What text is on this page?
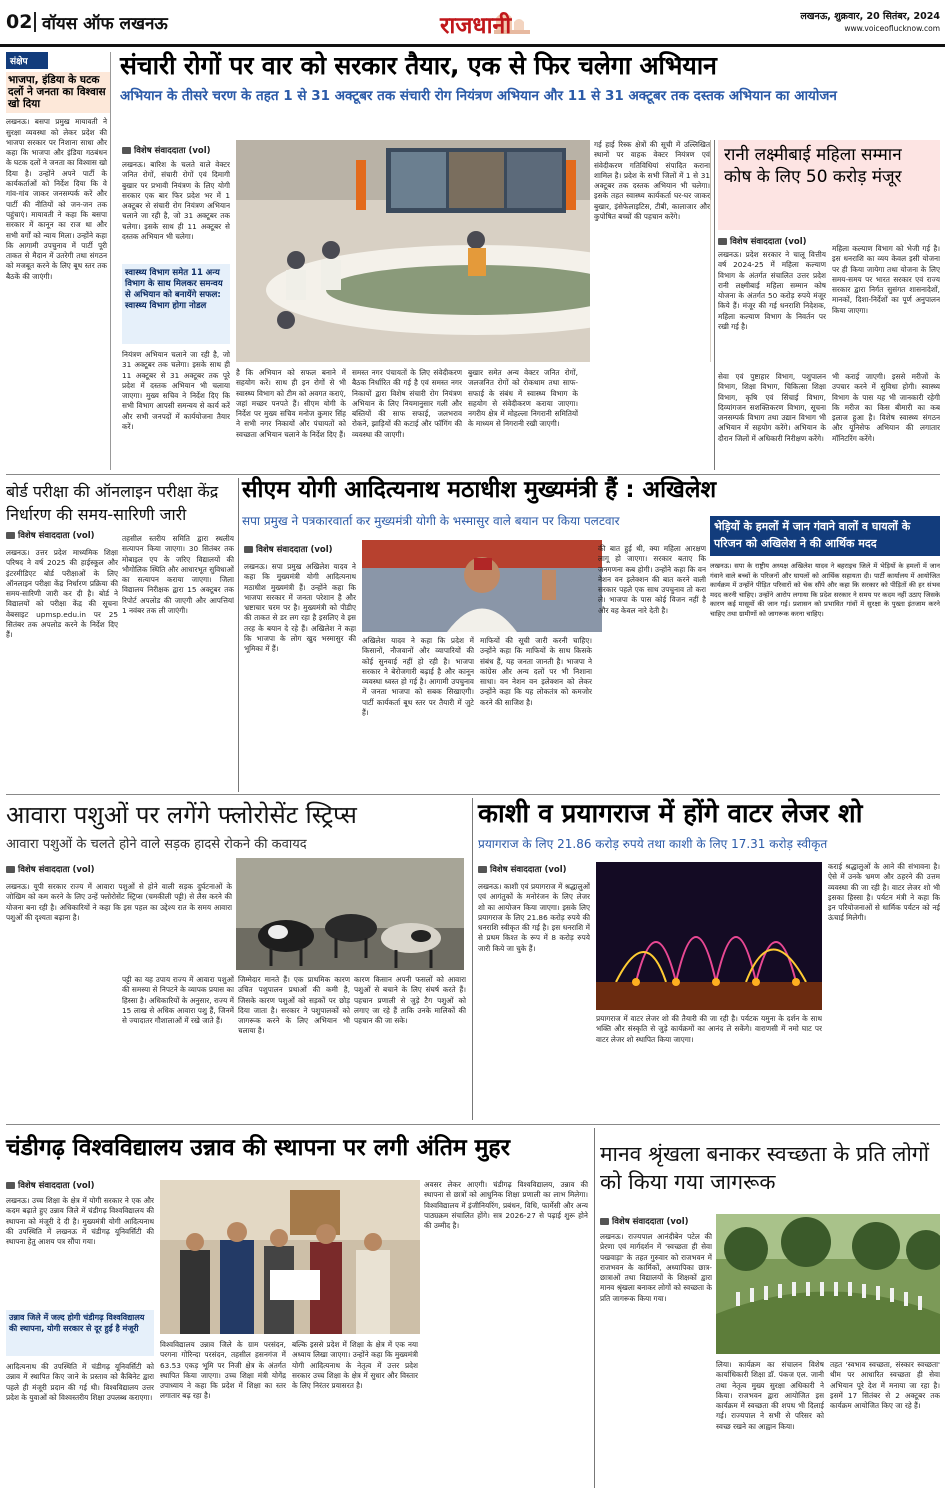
02 वॉयस ऑफ लखनऊ	राजधानी	लखनऊ, शुक्रवार, 20 सितंबर, 2024
www.voiceoflucknow.com
संक्षेप
भाजपा, इंडिया के घटक दलों ने जनता का विश्वास खो दिया
लखनऊ। बसपा प्रमुख मायावती ने सुरक्षा व्यवस्था को लेकर प्रदेश की भाजपा सरकार पर निशाना साधा और कहा कि भाजपा और इंडिया गठबंधन के घटक दलों ने जनता का विश्वास खो दिया है। उन्होंने अपने पार्टी के कार्यकर्ताओं को निर्देश दिया कि वे गांव-गांव जाकर जनसम्पर्क करें और पार्टी की नीतियों को जन-जन तक पहुंचाएं। मायावती ने कहा कि बसपा सरकार में कानून का राज था और सभी वर्गों को न्याय मिला। उन्होंने कहा कि आगामी उपचुनाव में पार्टी पूरी ताकत से मैदान में उतरेगी तथा संगठन को मजबूत करने के लिए बूथ स्तर तक बैठकें की जाएंगी।
संचारी रोगों पर वार को सरकार तैयार, एक से फिर चलेगा अभियान
अभियान के तीसरे चरण के तहत 1 से 31 अक्टूबर तक संचारी रोग नियंत्रण अभियान और 11 से 31 अक्टूबर तक दस्तक अभियान का आयोजन
विशेष संवाददाता (vol)
लखनऊ। बारिश के चलते वाले वेक्टर जनित रोगों, संचारी रोगों एवं दिमागी बुखार पर प्रभावी नियंत्रण के लिए योगी सरकार एक बार फिर प्रदेश भर में 1 अक्टूबर से संचारी रोग नियंत्रण अभियान चलाने जा रही है, जो 31 अक्टूबर तक चलेगा। इसके साथ ही 11 अक्टूबर से दस्तक अभियान भी चलेगा।
स्वास्थ्य विभाग समेत 11 अन्य विभाग के साथ मिलकर समन्वय से अभियान को बनायेंगे सफल: स्वास्थ्य विभाग होगा नोडल
नियंत्रण अभियान चलाने जा रही है, जो 31 अक्टूबर तक चलेगा। इसके साथ ही 11 अक्टूबर से 31 अक्टूबर तक पूरे प्रदेश में दस्तक अभियान भी चलाया जाएगा। मुख्य सचिव ने निर्देश दिए कि सभी विभाग आपसी समन्वय से कार्य करें और सभी जनपदों में कार्ययोजना तैयार करें।
है कि अभियान को सफल बनाने में सहयोग करें। साथ ही इन रोगों से भी स्वास्थ्य विभाग को टीम को अवगत कराएं, जहां मच्छर पनपते हैं। सीएम योगी के निर्देश पर मुख्य सचिव मनोज कुमार सिंह ने सभी नगर निकायों और पंचायतों को स्वच्छता अभियान चलाने के निर्देश दिए हैं।
समस्त नगर पंचायतों के लिए संवेदीकरण बैठक निर्धारित की गई है एवं समस्त नगर निकायों द्वारा विशेष संचारी रोग नियंत्रण अभियान के लिए नियमानुसार गली और बस्तियों की साफ सफाई, जलभराव रोकने, झाड़ियों की कटाई और फॉगिंग की व्यवस्था की जाएगी।
बुखार समेत अन्य वेक्टर जनित रोगों, जलजनित रोगों को रोकथाम तथा साफ-सफाई के संबंध में स्वास्थ्य विभाग के सहयोग से संवेदीकरण कराया जाएगा। नगरीय क्षेत्र में मोहल्ला निगरानी समितियों के माध्यम से निगरानी रखी जाएगी।
गई हाई रिस्क क्षेत्रों की सूची में उल्लिखित स्थानों पर वाहक वेक्टर नियंत्रण एवं संवेदीकरण गतिविधियां संपादित कराना शामिल है। प्रदेश के सभी जिलों में 1 से 31 अक्टूबर तक दस्तक अभियान भी चलेगा। इसके तहत स्वास्थ्य कार्यकर्ता घर-घर जाकर बुखार, इंसेफेलाइटिस, टीबी, कालाजार और कुपोषित बच्चों की पहचान करेंगे।
रानी लक्ष्मीबाई महिला सम्मान कोष के लिए 50 करोड़ मंजूर
विशेष संवाददाता (vol)
लखनऊ। प्रदेश सरकार ने चालू वित्तीय वर्ष 2024-25 में महिला कल्याण विभाग के अंतर्गत संचालित उत्तर प्रदेश रानी लक्ष्मीबाई महिला सम्मान कोष योजना के अंतर्गत 50 करोड़ रुपये मंजूर किये हैं। मंजूर की गई धनराशि निदेशक, महिला कल्याण विभाग के निवर्तन पर रखी गई है।
महिला कल्याण विभाग को भेजी गई है। इस धनराशि का व्यय केवल इसी योजना पर ही किया जायेगा तथा योजना के लिए समय-समय पर भारत सरकार एवं राज्य सरकार द्वारा निर्गत सुसंगत शासनादेशों, मानकों, दिशा-निर्देशों का पूर्ण अनुपालन किया जाएगा।
सेवा एवं पुष्टाहार विभाग, पशुपालन विभाग, शिक्षा विभाग, चिकित्सा शिक्षा विभाग, कृषि एवं सिंचाई विभाग, दिव्यांगजन सशक्तिकरण विभाग, सूचना जनसम्पर्क विभाग तथा उद्यान विभाग भी अभियान में सहयोग करेंगे। अभियान के दौरान जिलों में अधिकारी निरीक्षण करेंगे।
भी कराई जाएगी। इससे मरीजों के उपचार करने में सुविधा होगी। स्वास्थ्य विभाग के पास यह भी जानकारी रहेगी कि मरीज का किस बीमारी का कब इलाज हुआ है। विशेष स्वास्थ्य संगठन और यूनिसेफ अभियान की लगातार मॉनिटरिंग करेंगे।
बोर्ड परीक्षा की ऑनलाइन परीक्षा केंद्र निर्धारण की समय-सारिणी जारी
विशेष संवाददाता (vol)
लखनऊ। उत्तर प्रदेश माध्यमिक शिक्षा परिषद ने वर्ष 2025 की हाईस्कूल और इंटरमीडिएट बोर्ड परीक्षाओं के लिए ऑनलाइन परीक्षा केंद्र निर्धारण प्रक्रिया की समय-सारिणी जारी कर दी है। बोर्ड ने विद्यालयों को परीक्षा केंद्र की सूचना वेबसाइट upmsp.edu.in पर 25 सितंबर तक अपलोड करने के निर्देश दिए हैं।
तहसील स्तरीय समिति द्वारा स्थलीय सत्यापन किया जाएगा। 30 सितंबर तक मोबाइल एप के जरिए विद्यालयों की भौगोलिक स्थिति और आधारभूत सुविधाओं का सत्यापन कराया जाएगा। जिला विद्यालय निरीक्षक द्वारा 15 अक्टूबर तक रिपोर्ट अपलोड की जाएगी और आपत्तियां 1 नवंबर तक ली जाएंगी।
सीएम योगी आदित्यनाथ मठाधीश मुख्यमंत्री हैं : अखिलेश
सपा प्रमुख ने पत्रकारवार्ता कर मुख्यमंत्री योगी के भस्मासुर वाले बयान पर किया पलटवार
विशेष संवाददाता (vol)
लखनऊ। सपा प्रमुख अखिलेश यादव ने कहा कि मुख्यमंत्री योगी आदित्यनाथ मठाधीश मुख्यमंत्री हैं। उन्होंने कहा कि भाजपा सरकार में जनता परेशान है और भ्रष्टाचार चरम पर है। मुख्यमंत्री को पीडीए की ताकत से डर लग रहा है इसलिए वे इस तरह के बयान दे रहे हैं। अखिलेश ने कहा कि भाजपा के लोग खुद भस्मासुर की भूमिका में हैं।
अखिलेश यादव ने कहा कि प्रदेश में किसानों, नौजवानों और व्यापारियों की कोई सुनवाई नहीं हो रही है। भाजपा सरकार ने बेरोजगारी बढ़ाई है और कानून व्यवस्था ध्वस्त हो गई है। आगामी उपचुनाव में जनता भाजपा को सबक सिखाएगी। पार्टी कार्यकर्ता बूथ स्तर पर तैयारी में जुटे हैं।
माफियों की सूची जारी करनी चाहिए। उन्होंने कहा कि माफियों के साथ किसके संबंध हैं, यह जनता जानती है। भाजपा ने कांग्रेस और अन्य दलों पर भी निशाना साधा। वन नेशन वन इलेक्शन को लेकर उन्होंने कहा कि यह लोकतंत्र को कमजोर करने की साजिश है।
की बात हुई थी, क्या महिला आरक्षण लागू हो जाएगा। सरकार बताए कि जनगणना कब होगी। उन्होंने कहा कि वन नेशन वन इलेक्शन की बात करने वाली सरकार पहले एक साथ उपचुनाव तो करा ले। भाजपा के पास कोई विजन नहीं है और वह केवल नारे देती है।
भेड़ियों के हमलों में जान गंवाने वालों व घायलों के परिजन को अखिलेश ने की आर्थिक मदद
लखनऊ। सपा के राष्ट्रीय अध्यक्ष अखिलेश यादव ने बहराइच जिले में भेड़ियों के हमलों में जान गंवाने वाले बच्चों के परिजनों और घायलों को आर्थिक सहायता दी। पार्टी कार्यालय में आयोजित कार्यक्रम में उन्होंने पीड़ित परिवारों को चेक सौंपे और कहा कि सरकार को पीड़ितों की हर संभव मदद करनी चाहिए। उन्होंने आरोप लगाया कि प्रदेश सरकार ने समय पर कदम नहीं उठाए जिसके कारण कई मासूमों की जान गई। प्रशासन को प्रभावित गांवों में सुरक्षा के पुख्ता इंतजाम करने चाहिए तथा ग्रामीणों को जागरूक करना चाहिए।
आवारा पशुओं पर लगेंगे फ्लोरोसेंट स्ट्रिप्स
आवारा पशुओं के चलते होने वाले सड़क हादसे रोकने की कवायद
विशेष संवाददाता (vol)
लखनऊ। यूपी सरकार राज्य में आवारा पशुओं से होने वाली सड़क दुर्घटनाओं के जोखिम को कम करने के लिए उन्हें फ्लोरोसेंट स्ट्रिप्स (चमकीली पट्टी) से लैस करने की योजना बना रही है। अधिकारियों ने कहा कि इस पहल का उद्देश्य रात के समय आवारा पशुओं की दृश्यता बढ़ाना है।
पट्टी का यह उपाय राज्य में आवारा पशुओं की समस्या से निपटने के व्यापक प्रयास का हिस्सा है। अधिकारियों के अनुसार, राज्य में 15 लाख से अधिक आवारा पशु हैं, जिनमें से ज्यादातर गौशालाओं में रखे जाते हैं।
जिम्मेदार मानते हैं। एक प्राथमिक कारण उचित पशुपालन प्रथाओं की कमी है, जिसके कारण पशुओं को सड़कों पर छोड़ दिया जाता है। सरकार ने पशुपालकों को जागरूक करने के लिए अभियान भी चलाया है।
कारण किसान अपनी फसलों को आवारा पशुओं से बचाने के लिए संघर्ष करते हैं। पहचान प्रणाली से जुड़े टैग पशुओं को लगाए जा रहे हैं ताकि उनके मालिकों की पहचान की जा सके।
काशी व प्रयागराज में होंगे वाटर लेजर शो
प्रयागराज के लिए 21.86 करोड़ रुपये तथा काशी के लिए 17.31 करोड़ स्वीकृत
विशेष संवाददाता (vol)
लखनऊ। काशी एवं प्रयागराज में श्रद्धालुओं एवं आगंतुकों के मनोरंजन के लिए लेजर शो का आयोजन किया जाएगा। इसके लिए प्रयागराज के लिए 21.86 करोड़ रुपये की धनराशि स्वीकृत की गई है। इस धनराशि में से प्रथम किश्त के रूप में 8 करोड़ रुपये जारी किये जा चुके हैं।
प्रयागराज में वाटर लेजर शो की तैयारी की जा रही है। पर्यटक यमुना के दर्शन के साथ भक्ति और संस्कृति से जुड़े कार्यक्रमों का आनंद ले सकेंगे। वाराणसी में नमो घाट पर वाटर लेजर शो स्थापित किया जाएगा।
कराई श्रद्धालुओं के आने की संभावना है। ऐसे में उनके भ्रमण और ठहरने की उत्तम व्यवस्था की जा रही है। वाटर लेजर शो भी इसका हिस्सा है। पर्यटन मंत्री ने कहा कि इन परियोजनाओं से धार्मिक पर्यटन को नई ऊंचाई मिलेगी।
चंडीगढ़ विश्वविद्यालय उन्नाव की स्थापना पर लगी अंतिम मुहर
विशेष संवाददाता (vol)
लखनऊ। उच्च शिक्षा के क्षेत्र में योगी सरकार ने एक और कदम बढ़ाते हुए उन्नाव जिले में चंडीगढ़ विश्वविद्यालय की स्थापना को मंजूरी दे दी है। मुख्यमंत्री योगी आदित्यनाथ की उपस्थिति में लखनऊ में चंडीगढ़ यूनिवर्सिटी की स्थापना हेतु आशय पत्र सौंपा गया।
उन्नाव जिले में जल्द होगी चंडीगढ़ विश्वविद्यालय की स्थापना, योगी सरकार से दूर हुई है मंजूरी
आदित्यनाथ की उपस्थिति में चंडीगढ़ यूनिवर्सिटी को उन्नाव में स्थापित किए जाने के प्रस्ताव को कैबिनेट द्वारा पहले ही मंजूरी प्रदान की गई थी। विश्वविद्यालय उत्तर प्रदेश के युवाओं को विश्वस्तरीय शिक्षा उपलब्ध कराएगा।
विश्वविद्यालय उन्नाव जिले के ग्राम परसंदन, परगना गोरिन्दा परसंदन, तहसील हसनगंज में 63.53 एकड़ भूमि पर निजी क्षेत्र के अंतर्गत स्थापित किया जाएगा। उच्च शिक्षा मंत्री योगेंद्र उपाध्याय ने कहा कि प्रदेश में शिक्षा का स्तर लगातार बढ़ रहा है।
बल्कि इससे प्रदेश में शिक्षा के क्षेत्र में एक नया अध्याय लिखा जाएगा। उन्होंने कहा कि मुख्यमंत्री योगी आदित्यनाथ के नेतृत्व में उत्तर प्रदेश सरकार उच्च शिक्षा के क्षेत्र में सुधार और विस्तार के लिए निरंतर प्रयासरत है।
अवसर लेकर आएगी। चंडीगढ़ विश्वविद्यालय, उन्नाव की स्थापना से छात्रों को आधुनिक शिक्षा प्रणाली का लाभ मिलेगा। विश्वविद्यालय में इंजीनियरिंग, प्रबंधन, विधि, फार्मेसी और अन्य पाठ्यक्रम संचालित होंगे। सत्र 2026-27 से पढ़ाई शुरू होने की उम्मीद है।
मानव श्रृंखला बनाकर स्वच्छता के प्रति लोगों को किया गया जागरूक
विशेष संवाददाता (vol)
लखनऊ। राज्यपाल आनंदीबेन पटेल की प्रेरणा एवं मार्गदर्शन में 'स्वच्छता ही सेवा पखवाड़ा' के तहत गुरुवार को राजभवन में राजभवन के कार्मिकों, अध्यापिका छात्र-छात्राओं तथा विद्यालयों के शिक्षकों द्वारा मानव श्रृंखला बनाकर लोगों को स्वच्छता के प्रति जागरूक किया गया।
लिया। कार्यक्रम का संचालन विशेष कार्याधिकारी शिक्षा डॉ. पंकज एल. जानी तथा नेतृत्व मुख्य सुरक्षा अधिकारी ने किया। राजभवन द्वारा आयोजित इस कार्यक्रम में स्वच्छता की शपथ भी दिलाई गई। राज्यपाल ने सभी से परिसर को स्वच्छ रखने का आह्वान किया।
तहत 'स्वभाव स्वच्छता, संस्कार स्वच्छता' थीम पर आधारित स्वच्छता ही सेवा अभियान पूरे देश में मनाया जा रहा है। इसमें 17 सितंबर से 2 अक्टूबर तक कार्यक्रम आयोजित किए जा रहे हैं।
